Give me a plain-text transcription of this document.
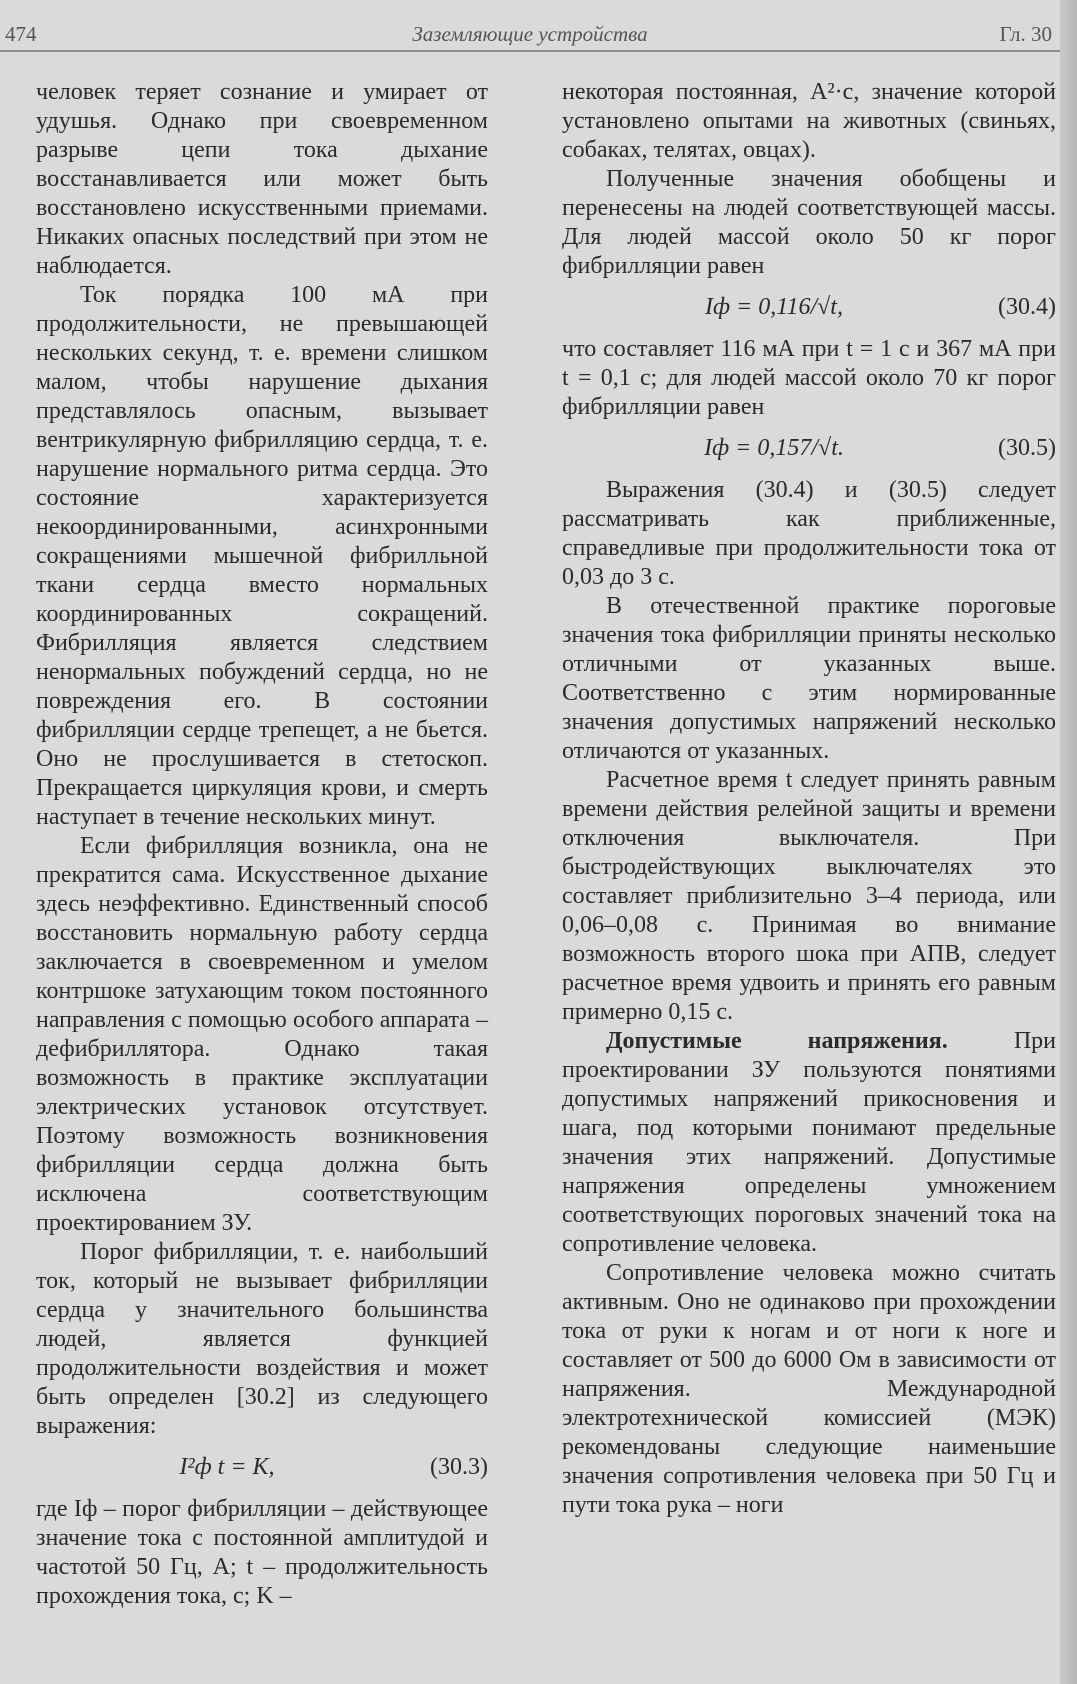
474	Заземляющие устройства	Гл. 30

человек теряет сознание и умирает от удушья. Однако при своевременном разрыве цепи тока дыхание восстанавливается или может быть восстановлено искусственными приемами. Никаких опасных последствий при этом не наблюдается.

Ток порядка 100 мА при продолжительности, не превышающей нескольких секунд, т. е. времени слишком малом, чтобы нарушение дыхания представлялось опасным, вызывает вентрикулярную фибрилляцию сердца, т. е. нарушение нормального ритма сердца. Это состояние характеризуется некоординированными, асинхронными сокращениями мышечной фибрилльной ткани сердца вместо нормальных координированных сокращений. Фибрилляция является следствием ненормальных побуждений сердца, но не повреждения его. В состоянии фибрилляции сердце трепещет, а не бьется. Оно не прослушивается в стетоскоп. Прекращается циркуляция крови, и смерть наступает в течение нескольких минут.

Если фибрилляция возникла, она не прекратится сама. Искусственное дыхание здесь неэффективно. Единственный способ восстановить нормальную работу сердца заключается в своевременном и умелом контршоке затухающим током постоянного направления с помощью особого аппарата – дефибриллятора. Однако такая возможность в практике эксплуатации электрических установок отсутствует. Поэтому возможность возникновения фибрилляции сердца должна быть исключена соответствующим проектированием ЗУ.

Порог фибрилляции, т. е. наибольший ток, который не вызывает фибрилляции сердца у значительного большинства людей, является функцией продолжительности воздействия и может быть определен [30.2] из следующего выражения:

I²ф t = K,	(30.3)

где Iф – порог фибрилляции – действующее значение тока с постоянной амплитудой и частотой 50 Гц, А; t – продолжительность прохождения тока, с; K –

некоторая постоянная, А²·с, значение которой установлено опытами на животных (свиньях, собаках, телятах, овцах).

Полученные значения обобщены и перенесены на людей соответствующей массы. Для людей массой около 50 кг порог фибрилляции равен

Iф = 0,116/√t,	(30.4)

что составляет 116 мА при t = 1 с и 367 мА при t = 0,1 с; для людей массой около 70 кг порог фибрилляции равен

Iф = 0,157/√t.	(30.5)

Выражения (30.4) и (30.5) следует рассматривать как приближенные, справедливые при продолжительности тока от 0,03 до 3 с.

В отечественной практике пороговые значения тока фибрилляции приняты несколько отличными от указанных выше. Соответственно с этим нормированные значения допустимых напряжений несколько отличаются от указанных.

Расчетное время t следует принять равным времени действия релейной защиты и времени отключения выключателя. При быстродействующих выключателях это составляет приблизительно 3–4 периода, или 0,06–0,08 с. Принимая во внимание возможность второго шока при АПВ, следует расчетное время удвоить и принять его равным примерно 0,15 с.

Допустимые напряжения.	При проектировании ЗУ пользуются понятиями допустимых напряжений прикосновения и шага, под которыми понимают предельные значения этих напряжений. Допустимые напряжения определены умножением соответствующих пороговых значений тока на сопротивление человека.

Сопротивление человека можно считать активным. Оно не одинаково при прохождении тока от руки к ногам и от ноги к ноге и составляет от 500 до 6000 Ом в зависимости от напряжения. Международной электротехнической комиссией (МЭК) рекомендованы следующие наименьшие значения сопротивления человека при 50 Гц и пути тока рука – ноги
